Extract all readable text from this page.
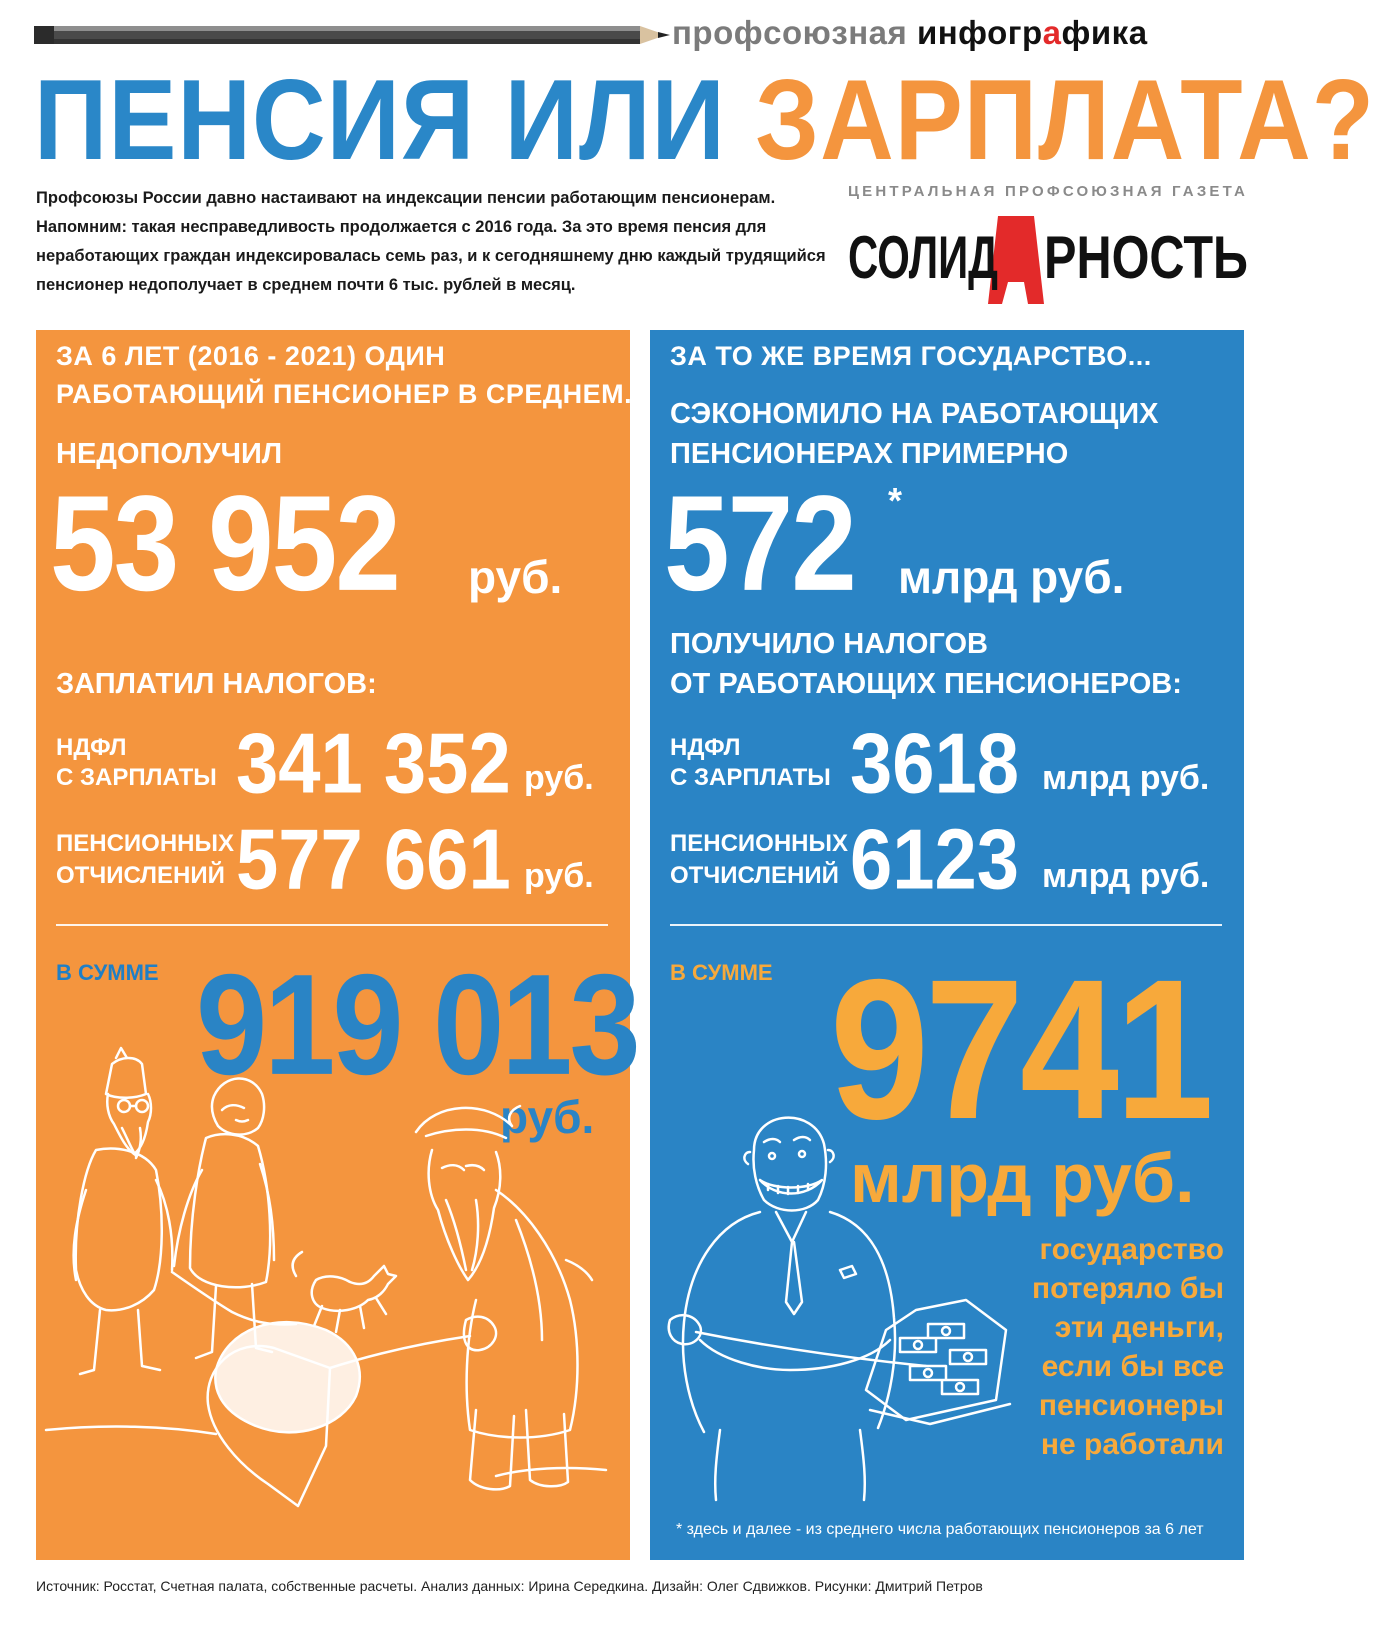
профсоюзная инфографика
ПЕНСИЯ ИЛИ ЗАРПЛАТА?
Профсоюзы России давно настаивают на индексации пенсии работающим пенсионерам. Напомним: такая несправедливость продолжается с 2016 года. За это время пенсия для неработающих граждан индексировалась семь раз, и к сегодняшнему дню каждый трудящийся пенсионер недополучает в среднем почти 6 тыс. рублей в месяц.
ЦЕНТРАЛЬНАЯ ПРОФСОЮЗНАЯ ГАЗЕТА
СОЛИД РНОСТЬ
ЗА 6 ЛЕТ (2016 - 2021) ОДИН
РАБОТАЮЩИЙ ПЕНСИОНЕР В СРЕДНЕМ...
НЕДОПОЛУЧИЛ
53 952 руб.
ЗАПЛАТИЛ НАЛОГОВ:
НДФЛ
С ЗАРПЛАТЫ 341 352 руб.
ПЕНСИОННЫХ
ОТЧИСЛЕНИЙ 577 661 руб.
В СУММЕ 919 013
руб.
ЗА ТО ЖЕ ВРЕМЯ ГОСУДАРСТВО...
СЭКОНОМИЛО НА РАБОТАЮЩИХ
ПЕНСИОНЕРАХ ПРИМЕРНО
572 *
млрд руб.
ПОЛУЧИЛО НАЛОГОВ
ОТ РАБОТАЮЩИХ ПЕНСИОНЕРОВ:
НДФЛ
С ЗАРПЛАТЫ 3618 млрд руб.
ПЕНСИОННЫХ
ОТЧИСЛЕНИЙ 6123 млрд руб.
В СУММЕ 9741
млрд руб.
государство
потеряло бы
эти деньги,
если бы все
пенсионеры
не работали
* здесь и далее - из среднего числа работающих пенсионеров за 6 лет
Источник: Росстат, Счетная палата, собственные расчеты. Анализ данных: Ирина Середкина. Дизайн: Олег Сдвижков. Рисунки: Дмитрий Петров
